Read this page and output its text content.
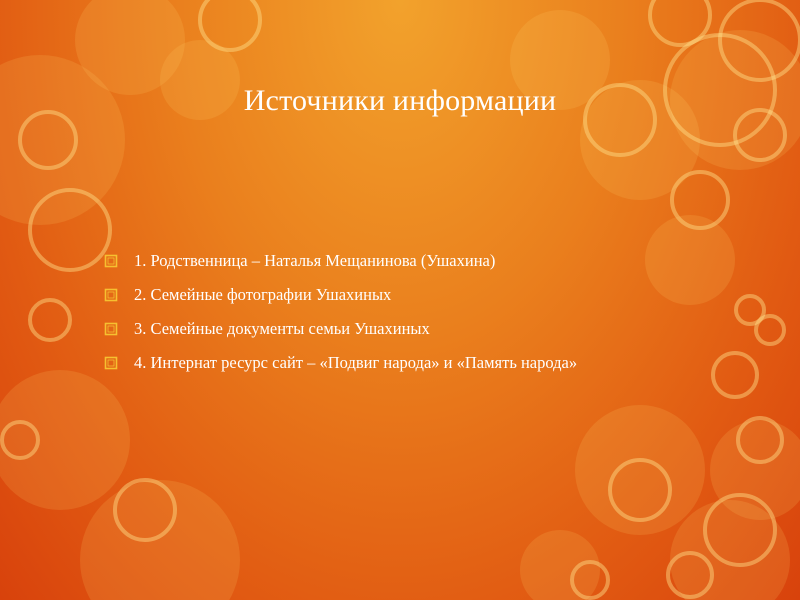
Источники информации
1. Родственница – Наталья Мещанинова (Ушахина)
2. Семейные фотографии Ушахиных
3. Семейные документы семьи Ушахиных
4. Интернат ресурс сайт – «Подвиг народа» и «Память народа»
